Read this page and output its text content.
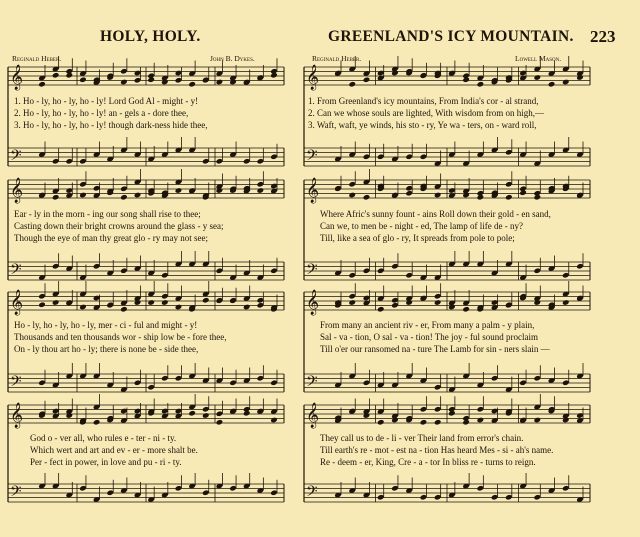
HOLY, HOLY.	GREENLAND'S ICY MOUNTAIN. 223
Reginald Heber.	John B. Dykes.	Reginald Heber.	Lowell Mason.
𝄞
𝄢
𝄞
𝄢
𝄞
𝄢
𝄞
𝄢
𝄞
𝄢
𝄞
𝄢
𝄞
𝄢
𝄞
𝄢
1. Ho - ly, ho - ly, ho - ly! Lord God Al - might - y!
2. Ho - ly, ho - ly, ho - ly! an - gels a - dore thee,
3. Ho - ly, ho - ly, ho - ly! though dark-ness hide thee,
Ear - ly in the morn - ing our song shall rise to thee;
Casting down their bright crowns around the glass - y sea;
Though the eye of man thy great glo - ry may not see;
Ho - ly, ho - ly, ho - ly, mer - ci - ful and might - y!
Thousands and ten thousands wor - ship low be - fore thee,
On - ly thou art ho - ly; there is none be - side thee,
God o - ver all, who rules e - ter - ni - ty.
Which wert and art and ev - er - more shalt be.
Per - fect in power, in love and pu - ri - ty.
1. From Greenland's icy mountains, From India's cor - al strand,
2. Can we whose souls are lighted, With wisdom from on high,—
3. Waft, waft, ye winds, his sto - ry, Ye wa - ters, on - ward roll,
Where Afric's sunny fount - ains Roll down their gold - en sand,
Can we, to men be - night - ed, The lamp of life de - ny?
Till, like a sea of glo - ry, It spreads from pole to pole;
From many an ancient riv - er, From many a palm - y plain,
Sal - va - tion, O sal - va - tion! The joy - ful sound proclaim
Till o'er our ransomed na - ture The Lamb for sin - ners slain —
They call us to de - li - ver Their land from error's chain.
Till earth's re - mot - est na - tion Has heard Mes - si - ah's name.
Re - deem - er, King, Cre - a - tor In bliss re - turns to reign.
